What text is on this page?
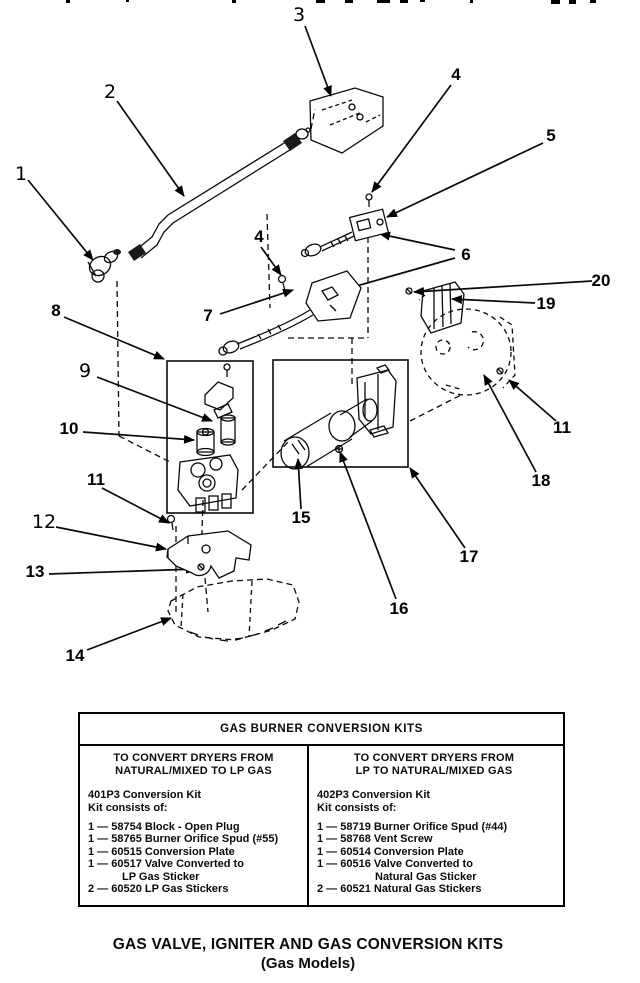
1
2
3
4
4
5
6
7
8
9
10
11
12
13
14
15
16
17
18
19
20
11
GAS BURNER CONVERSION KITS
TO CONVERT DRYERS FROM
NATURAL/MIXED TO LP GAS
401P3 Conversion Kit
Kit consists of:
1 — 58754 Block - Open Plug
1 — 58765 Burner Orifice Spud (#55)
1 — 60515 Conversion Plate
1 — 60517 Valve Converted to
LP Gas Sticker
2 — 60520 LP Gas Stickers
TO CONVERT DRYERS FROM
LP TO NATURAL/MIXED GAS
402P3 Conversion Kit
Kit consists of:
1 — 58719 Burner Orifice Spud (#44)
1 — 58768 Vent Screw
1 — 60514 Conversion Plate
1 — 60516 Valve Converted to
Natural Gas Sticker
2 — 60521 Natural Gas Stickers
GAS VALVE, IGNITER AND GAS CONVERSION KITS
(Gas Models)
